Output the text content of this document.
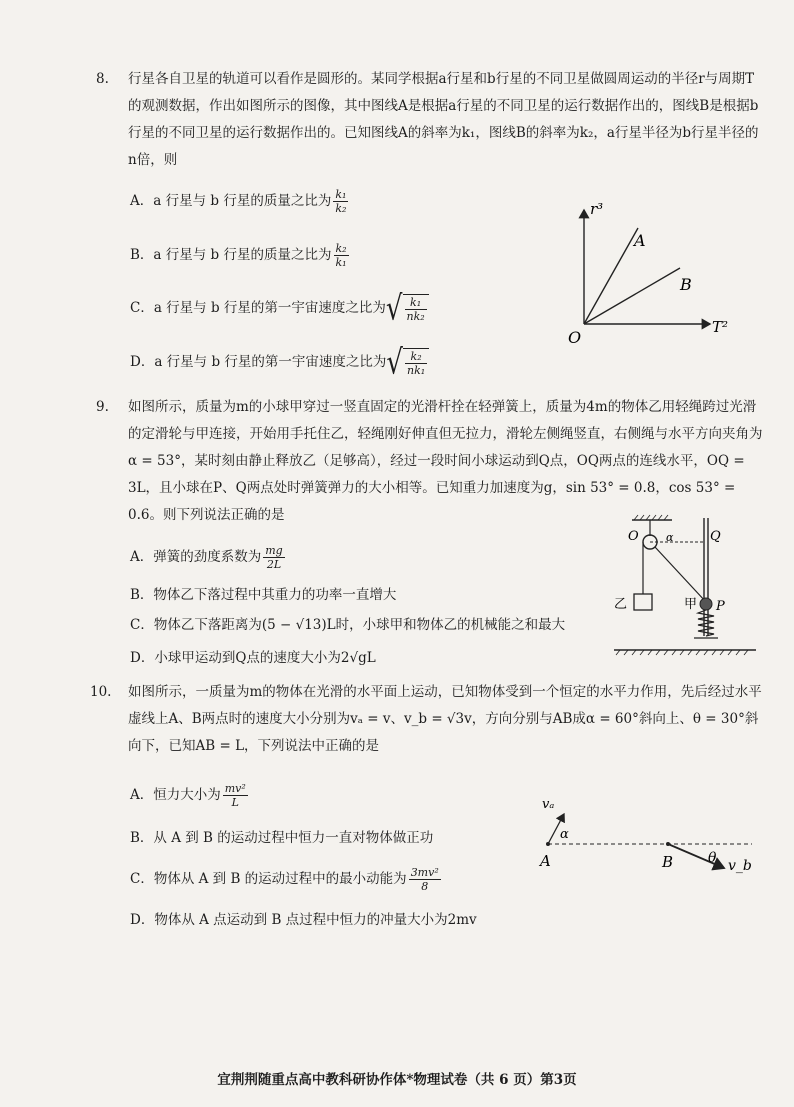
8.	行星各自卫星的轨道可以看作是圆形的。某同学根据a行星和b行星的不同卫星做圆周运动的半径r与周期T的观测数据，作出如图所示的图像，其中图线A是根据a行星的不同卫星的运行数据作出的，图线B是根据b行星的不同卫星的运行数据作出的。已知图线A的斜率为k₁，图线B的斜率为k₂，a行星半径为b行星半径的n倍，则
A．a 行星与 b 行星的质量之比为 $\frac{\text{k₁}}{\text{k₂}}$
B．a 行星与 b 行星的质量之比为 $\frac{\text{k₂}}{\text{k₁}}$
C．a 行星与 b 行星的第一宇宙速度之比为 √ $\frac{\text{k₁}}{\text{nk₂}}$
D．a 行星与 b 行星的第一宇宙速度之比为 √ $\frac{\text{k₂}}{\text{nk₁}}$
r³
T²
O
A
B
9.	如图所示，质量为m的小球甲穿过一竖直固定的光滑杆拴在轻弹簧上，质量为4m的物体乙用轻绳跨过光滑的定滑轮与甲连接，开始用手托住乙，轻绳刚好伸直但无拉力，滑轮左侧绳竖直，右侧绳与水平方向夹角为α = 53°，某时刻由静止释放乙（足够高），经过一段时间小球运动到Q点，OQ两点的连线水平，OQ = 3L，且小球在P、Q两点处时弹簧弹力的大小相等。已知重力加速度为g，sin 53° = 0.8，cos 53° = 0.6。则下列说法正确的是
A．弹簧的劲度系数为 $\frac{mg}{2L}$
B．物体乙下落过程中其重力的功率一直增大
C．物体乙下落距离为(5 − √13)L时，小球甲和物体乙的机械能之和最大
D．小球甲运动到Q点的速度大小为2√gL
O α	Q
P
乙	甲
10.	如图所示，一质量为m的物体在光滑的水平面上运动，已知物体受到一个恒定的水平力作用，先后经过水平虚线上A、B两点时的速度大小分别为vₐ = v、v_b = √3v，方向分别与AB成α = 60°斜向上、θ = 30°斜向下，已知AB = L，下列说法中正确的是
A．恒力大小为 $\frac{\text{mv²}}{L}$
B．从 A 到 B 的运动过程中恒力一直对物体做正功
C．物体从 A 到 B 的运动过程中的最小动能为 $\frac{\text{3mv²}}{8}$
D．物体从 A 点运动到 B 点过程中恒力的冲量大小为2mv
vₐ
α
A	B θ v_b
宜荆荆随重点高中教科研协作体*物理试卷（共 6 页）第3页
